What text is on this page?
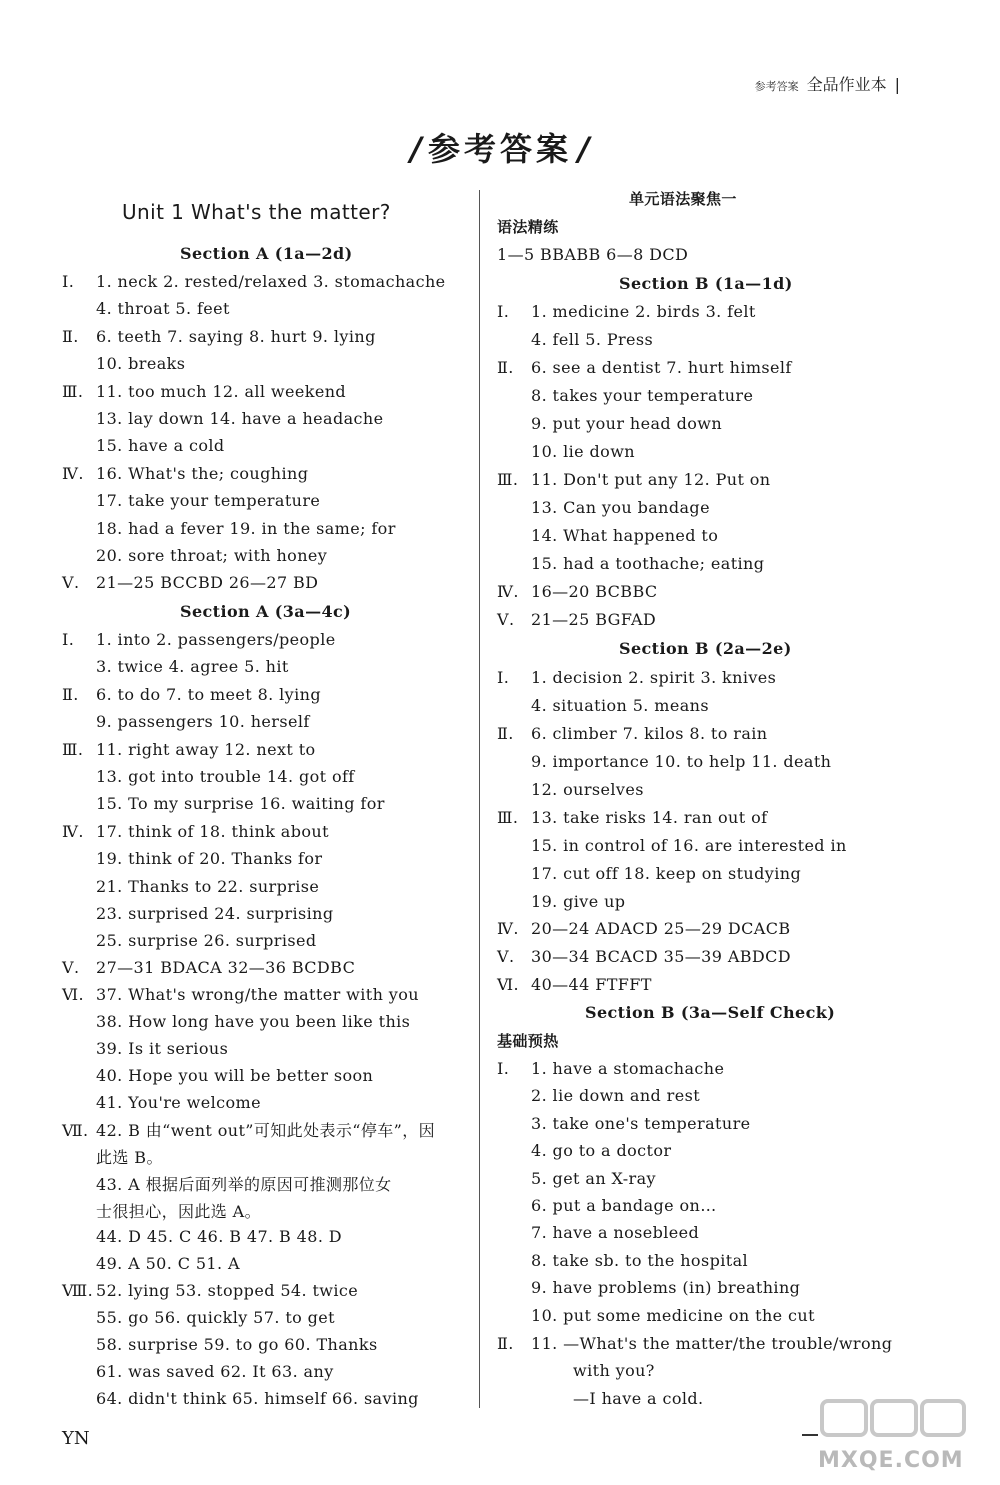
参考答案 全品作业本 |
/ 参考答案 /
Unit 1 What's the matter?
Section A (1a—2d)
Ⅰ. 1. neck 2. rested/relaxed 3. stomachache
4. throat 5. feet
Ⅱ. 6. teeth 7. saying 8. hurt 9. lying
10. breaks
Ⅲ. 11. too much 12. all weekend
13. lay down 14. have a headache
15. have a cold
Ⅳ. 16. What's the; coughing
17. take your temperature
18. had a fever 19. in the same; for
20. sore throat; with honey
Ⅴ. 21—25 BCCBD 26—27 BD
Section A (3a—4c)
Ⅰ. 1. into 2. passengers/people
3. twice 4. agree 5. hit
Ⅱ. 6. to do 7. to meet 8. lying
9. passengers 10. herself
Ⅲ. 11. right away 12. next to
13. got into trouble 14. got off
15. To my surprise 16. waiting for
Ⅳ. 17. think of 18. think about
19. think of 20. Thanks for
21. Thanks to 22. surprise
23. surprised 24. surprising
25. surprise 26. surprised
Ⅴ. 27—31 BDACA 32—36 BCDBC
Ⅵ. 37. What's wrong/the matter with you
38. How long have you been like this
39. Is it serious
40. Hope you will be better soon
41. You're welcome
Ⅶ. 42. B 由“went out”可知此处表示“停车”，因
此选 B。
43. A 根据后面列举的原因可推测那位女
士很担心，因此选 A。
44. D 45. C 46. B 47. B 48. D
49. A 50. C 51. A
Ⅷ. 52. lying 53. stopped 54. twice
55. go 56. quickly 57. to get
58. surprise 59. to go 60. Thanks
61. was saved 62. It 63. any
64. didn't think 65. himself 66. saving
单元语法聚焦一
语法精练
1—5 BBABB 6—8 DCD
Section B (1a—1d)
Ⅰ. 1. medicine 2. birds 3. felt
4. fell 5. Press
Ⅱ. 6. see a dentist 7. hurt himself
8. takes your temperature
9. put your head down
10. lie down
Ⅲ. 11. Don't put any 12. Put on
13. Can you bandage
14. What happened to
15. had a toothache; eating
Ⅳ. 16—20 BCBBC
Ⅴ. 21—25 BGFAD
Section B (2a—2e)
Ⅰ. 1. decision 2. spirit 3. knives
4. situation 5. means
Ⅱ. 6. climber 7. kilos 8. to rain
9. importance 10. to help 11. death
12. ourselves
Ⅲ. 13. take risks 14. ran out of
15. in control of 16. are interested in
17. cut off 18. keep on studying
19. give up
Ⅳ. 20—24 ADACD 25—29 DCACB
Ⅴ. 30—34 BCACD 35—39 ABDCD
Ⅵ. 40—44 FTFFT
Section B (3a—Self Check)
基础预热
Ⅰ. 1. have a stomachache
2. lie down and rest
3. take one's temperature
4. go to a doctor
5. get an X-ray
6. put a bandage on…
7. have a nosebleed
8. take sb. to the hospital
9. have problems (in) breathing
10. put some medicine on the cut
Ⅱ. 11. —What's the matter/the trouble/wrong
with you?
—I have a cold.
YN
MXQE.COM
